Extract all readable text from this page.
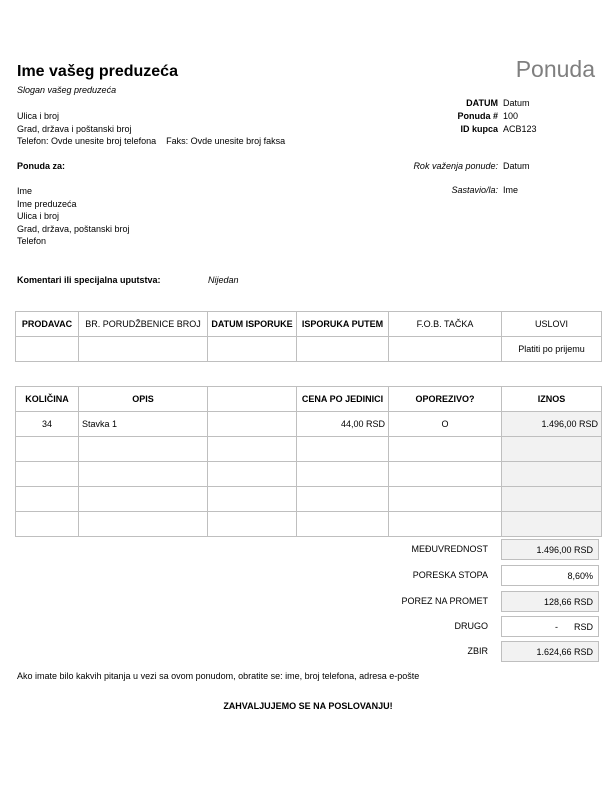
Ime vašeg preduzeća
Slogan vašeg preduzeća
Ulica i broj
Grad, država i poštanski broj
Telefon: Ovde unesite broj telefona Faks: Ovde unesite broj faksa
Ponuda
DATUM Datum
Ponuda # 100
ID kupca ACB123
Ponuda za:	Rok važenja ponude: Datum
Sastavio/la: Ime
Ime
Ime preduzeća
Ulica i broj
Grad, država, poštanski broj
Telefon
Komentari ili specijalna uputstva:	Nijedan
PRODAVAC	BR. PORUDŽBENICE BROJ	DATUM ISPORUKE	ISPORUKA PUTEM	F.O.B. TAČKA	USLOVI
					Platiti po prijemu
KOLIČINA	OPIS		CENA PO JEDINICI	OPOREZIVO?	IZNOS
34	Stavka 1		44,00 RSD	O	1.496,00 RSD

MEĐUVREDNOST	1.496,00 RSD
PORESKA STOPA	8,60%
POREZ NA PROMET	128,66 RSD
DRUGO	- RSD
ZBIR	1.624,66 RSD
Ako imate bilo kakvih pitanja u vezi sa ovom ponudom, obratite se: ime, broj telefona, adresa e-pošte
ZAHVALJUJEMO SE NA POSLOVANJU!
